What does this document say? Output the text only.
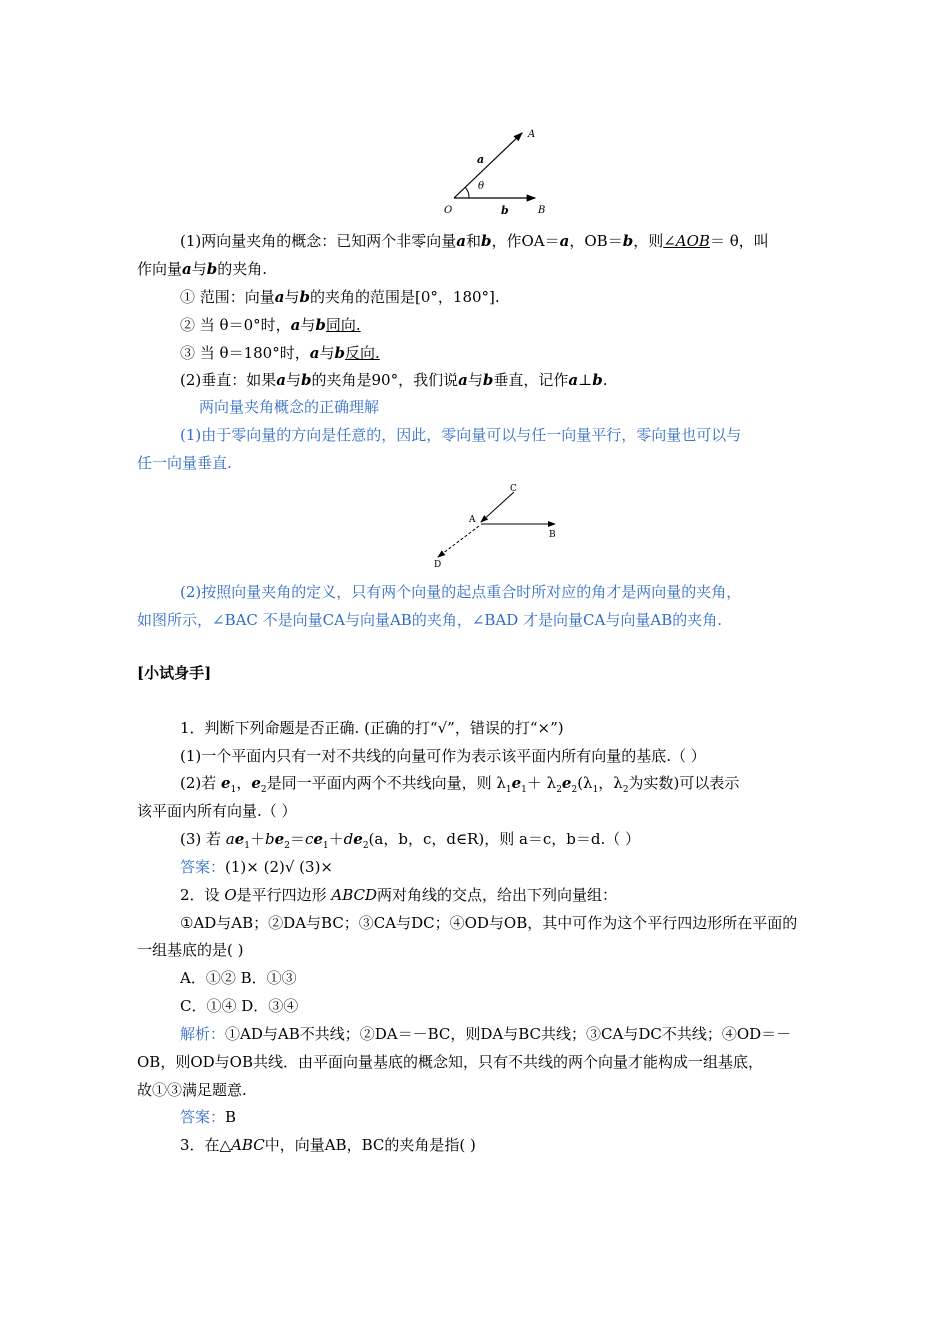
A
a
θ
O	b	B
(1)两向量夹角的概念：已知两个非零向量a和b，作OA＝a，OB＝b，则∠AOB＝ θ，叫
作向量a与b的夹角.
① 范围：向量a与b的夹角的范围是[0°，180°].
② 当 θ＝0°时，a与b同向.
③ 当 θ＝180°时，a与b反向.
(2)垂直：如果a与b的夹角是90°，我们说a与b垂直，记作a⊥b.
两向量夹角概念的正确理解
(1)由于零向量的方向是任意的，因此，零向量可以与任一向量平行，零向量也可以与
任一向量垂直.
C
A
B
D
(2)按照向量夹角的定义，只有两个向量的起点重合时所对应的角才是两向量的夹角，
如图所示，∠BAC 不是向量CA与向量AB的夹角，∠BAD 才是向量CA与向量AB的夹角.
[小试身手]
1．判断下列命题是否正确. (正确的打“√”，错误的打“×”)
(1)一个平面内只有一对不共线的向量可作为表示该平面内所有向量的基底.（ ）
(2)若 $e_1$，$e_2$是同一平面内两个不共线向量，则 $\lambda_1e_1+ \lambda_2e_2(\lambda_1$，$\lambda_2$为实数)可以表示
该平面内所有向量.（ ）
(3) 若 $ae_1+be_2=ce_1+de_2(a$，b，c，d∈R)，则 a＝c，b＝d.（ ）
答案：(1)× (2)√ (3)×
2．设 O是平行四边形 ABCD两对角线的交点，给出下列向量组：
①AD与AB；②DA与BC；③CA与DC；④OD与OB，其中可作为这个平行四边形所在平面的
一组基底的是( )
A．①② B．①③
C．①④ D．③④
解析：①AD与AB不共线；②DA＝－BC，则DA与BC共线；③CA与DC不共线；④OD＝－
OB，则OD与OB共线．由平面向量基底的概念知，只有不共线的两个向量才能构成一组基底，
故①③满足题意.
答案：B
3．在△ABC中，向量AB，BC的夹角是指( )
